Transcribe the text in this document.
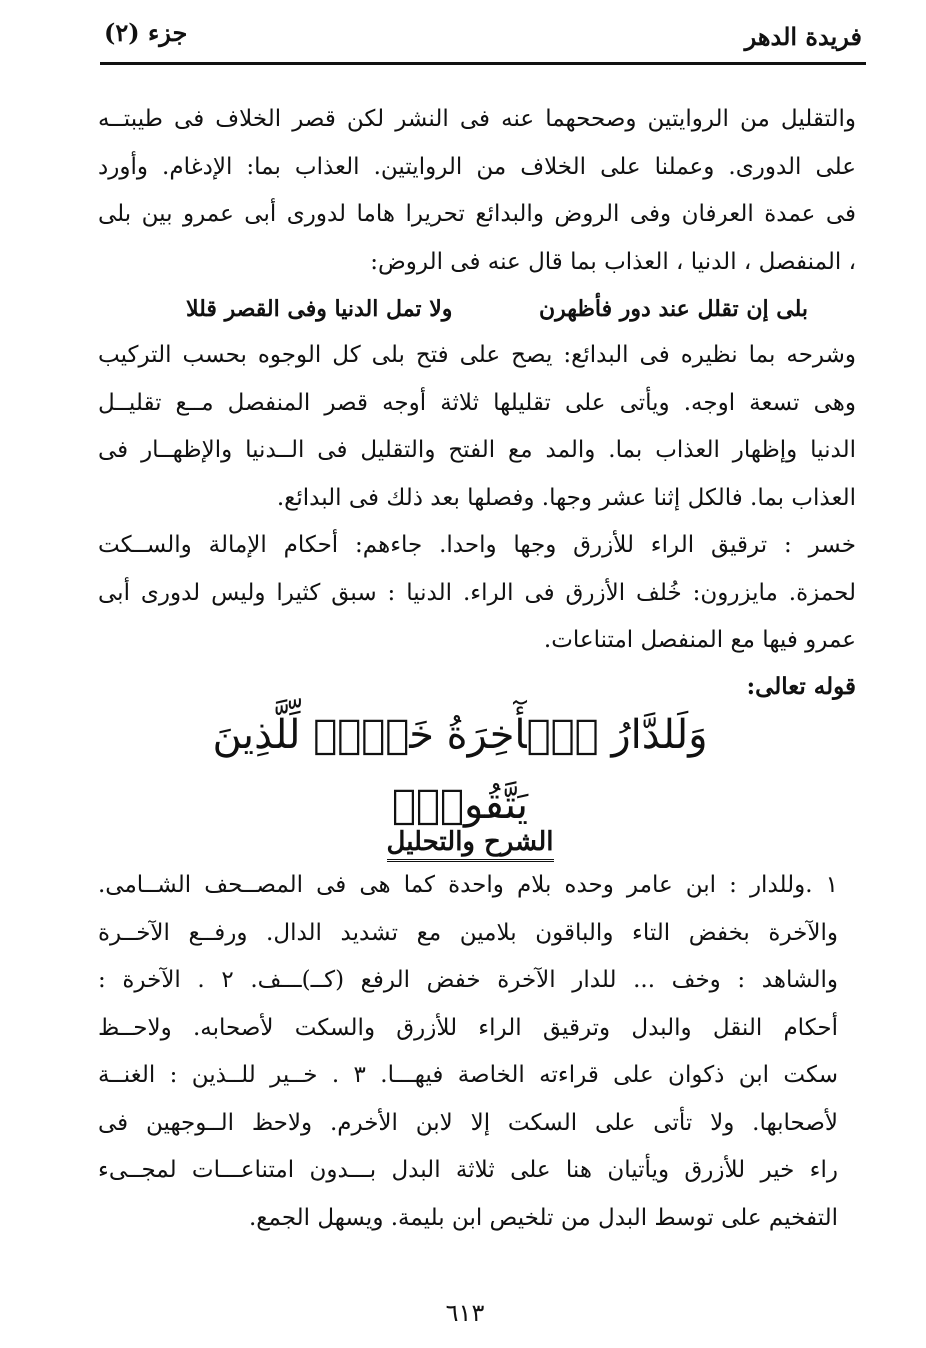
فريدة الدهر
جزء (٢)
والتقليل من الروايتين وصححهما عنه فى النشر لكن قصر الخلاف فى طيبتــه
على الدورى. وعملنا على الخلاف من الروايتين. العذاب بما: الإدغام. وأورد
فى عمدة العرفان وفى الروض والبدائع تحريرا هاما لدورى أبى عمرو بين بلى
، المنفصل ، الدنيا ، العذاب بما قال عنه فى الروض:
بلى إن تقلل عند دور فأظهرن
ولا تمل الدنيا وفى القصر قللا
وشرحه بما نظيره فى البدائع: يصح على فتح بلى كل الوجوه بحسب التركيب
وهى تسعة اوجه. ويأتى على تقليلها ثلاثة أوجه قصر المنفصل مــع تقليــل
الدنيا وإظهار العذاب بما. والمد مع الفتح والتقليل فى الــدنيا والإظهــار فى
العذاب بما. فالكل إثنا عشر وجها. وفصلها بعد ذلك فى البدائع.
خسر : ترقيق الراء للأزرق وجها واحدا. جاءهم: أحكام الإمالة والســكت
لحمزة. مايزرون: خُلف الأزرق فى الراء. الدنيا : سبق كثيرا وليس لدورى أبى
عمرو فيها مع المنفصل امتناعات.
قوله تعالى:
وَلَلدَّارُ ٱلۡأٓخِرَةُ خَيۡرٞ لِّلَّذِينَ يَتَّقُونَۚ
الشرح والتحليل
١ .وللدار : ابن عامر وحده بلام واحدة كما هى فى المصــحف الشــامى.
والآخرة بخفض التاء والباقون بلامين مع تشديد الدال. ورفــع الآخــرة
والشاهد : وخف ... للدار الآخرة خفض الرفع (كــ)ـــف. ٢ . الآخرة :
أحكام النقل والبدل وترقيق الراء للأزرق والسكت لأصحابه. ولاحــظ
سكت ابن ذكوان على قراءته الخاصة فيهـــا. ٣ . خــير للــذين : الغنــة
لأصحابها. ولا تأتى على السكت إلا لابن الأخرم. ولاحظ الــوجهين فى
راء خير للأزرق ويأتيان هنا على ثلاثة البدل بـــدون امتناعـــات لمجــىء
التفخيم على توسط البدل من تلخيص ابن بليمة. ويسهل الجمع.
٦١٣
